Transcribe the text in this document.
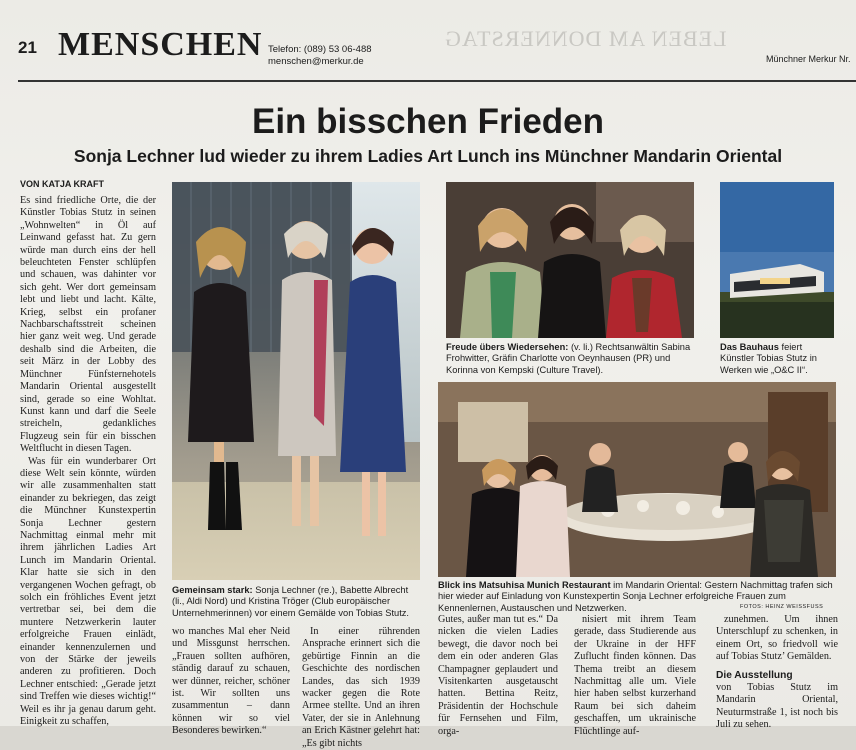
21 MENSCHEN Telefon: (089) 53 06-488
menschen@merkur.de
LEBEN AM DONNERSTAG
Münchner Merkur Nr.
Ein bisschen Frieden
Sonja Lechner lud wieder zu ihrem Ladies Art Lunch ins Münchner Mandarin Oriental
VON KATJA KRAFT

Es sind friedliche Orte, die der Künstler Tobias Stutz in seinen „Wohnwelten“ in Öl auf Leinwand gefasst hat. Zu gern würde man durch eins der hell beleuchteten Fenster schlüpfen und schauen, was dahinter vor sich geht. Wer dort gemeinsam lebt und liebt und lacht. Kälte, Krieg, selbst ein profaner Nachbarschaftsstreit scheinen hier ganz weit weg. Und gerade deshalb sind die Arbeiten, die seit März in der Lobby des Münchner Fünfsternehotels Mandarin Oriental ausgestellt sind, gerade so eine Wohltat. Kunst kann und darf die Seele streicheln, gedankliches Flugzeug sein für ein bisschen Weltflucht in diesen Tagen.

Was für ein wunderbarer Ort diese Welt sein könnte, würden wir alle zusammenhalten statt einander zu bekriegen, das zeigt die Münchner Kunstexpertin Sonja Lechner gestern Nachmittag einmal mehr mit ihrem jährlichen Ladies Art Lunch im Mandarin Oriental. Klar hatte sie sich in den vergangenen Wochen gefragt, ob solch ein fröhliches Event jetzt vertretbar sei, bei dem die muntere Netzwerkerin lauter erfolgreiche Frauen einlädt, einander kennenzulernen und von der Stärke der jeweils anderen zu profitieren. Doch Lechner entschied: „Gerade jetzt sind Treffen wie dieses wichtig!“ Weil es ihr ja genau darum geht. Einigkeit zu schaffen,

Gemeinsam stark: Sonja Lechner (re.), Babette Albrecht (li., Aldi Nord) und Kristina Tröger (Club europäischer Unternehmerinnen) vor einem Gemälde von Tobias Stutz.
Freude übers Wiedersehen: (v. li.) Rechtsanwältin Sabina Frohwitter, Gräfin Charlotte von Oeynhausen (PR) und Korinna von Kempski (Culture Travel).
Das Bauhaus feiert Künstler Tobias Stutz in Werken wie „O&C II“.
Blick ins Matsuhisa Munich Restaurant im Mandarin Oriental: Gestern Nachmittag trafen sich hier wieder auf Einladung von Kunstexpertin Sonja Lechner erfolgreiche Frauen zum Kennenlernen, Austauschen und Netzwerken.	FOTOS: HEINZ WEISSFUSS

wo manches Mal eher Neid und Missgunst herrschen. „Frauen sollten aufhören, ständig darauf zu schauen, wer dünner, reicher, schöner ist. Wir sollten uns zusammentun – dann können wir so viel Besonderes bewirken.“

In einer rührenden Ansprache erinnert sich die gebürtige Finnin an die Geschichte des nordischen Landes, das sich 1939 wacker gegen die Rote Armee stellte. Und an ihren Vater, der sie in Anlehnung an Erich Kästner gelehrt hat: „Es gibt nichts

Gutes, außer man tut es.“ Da nicken die vielen Ladies bewegt, die davor noch bei dem ein oder anderen Glas Champagner geplaudert und Visitenkarten ausgetauscht hatten. Bettina Reitz, Präsidentin der Hochschule für Fernsehen und Film, orga-

nisiert mit ihrem Team gerade, dass Studierende aus der Ukraine in der HFF Zuflucht finden können. Das Thema treibt an diesem Nachmittag alle um. Viele hier haben selbst kurzerhand Raum bei sich daheim geschaffen, um ukrainische Flüchtlinge auf-

zunehmen. Um ihnen Unterschlupf zu schenken, in einem Ort, so friedvoll wie auf Tobias Stutz’ Gemälden.

Die Ausstellung

von Tobias Stutz im Mandarin Oriental, Neuturmstraße 1, ist noch bis Juli zu sehen.
